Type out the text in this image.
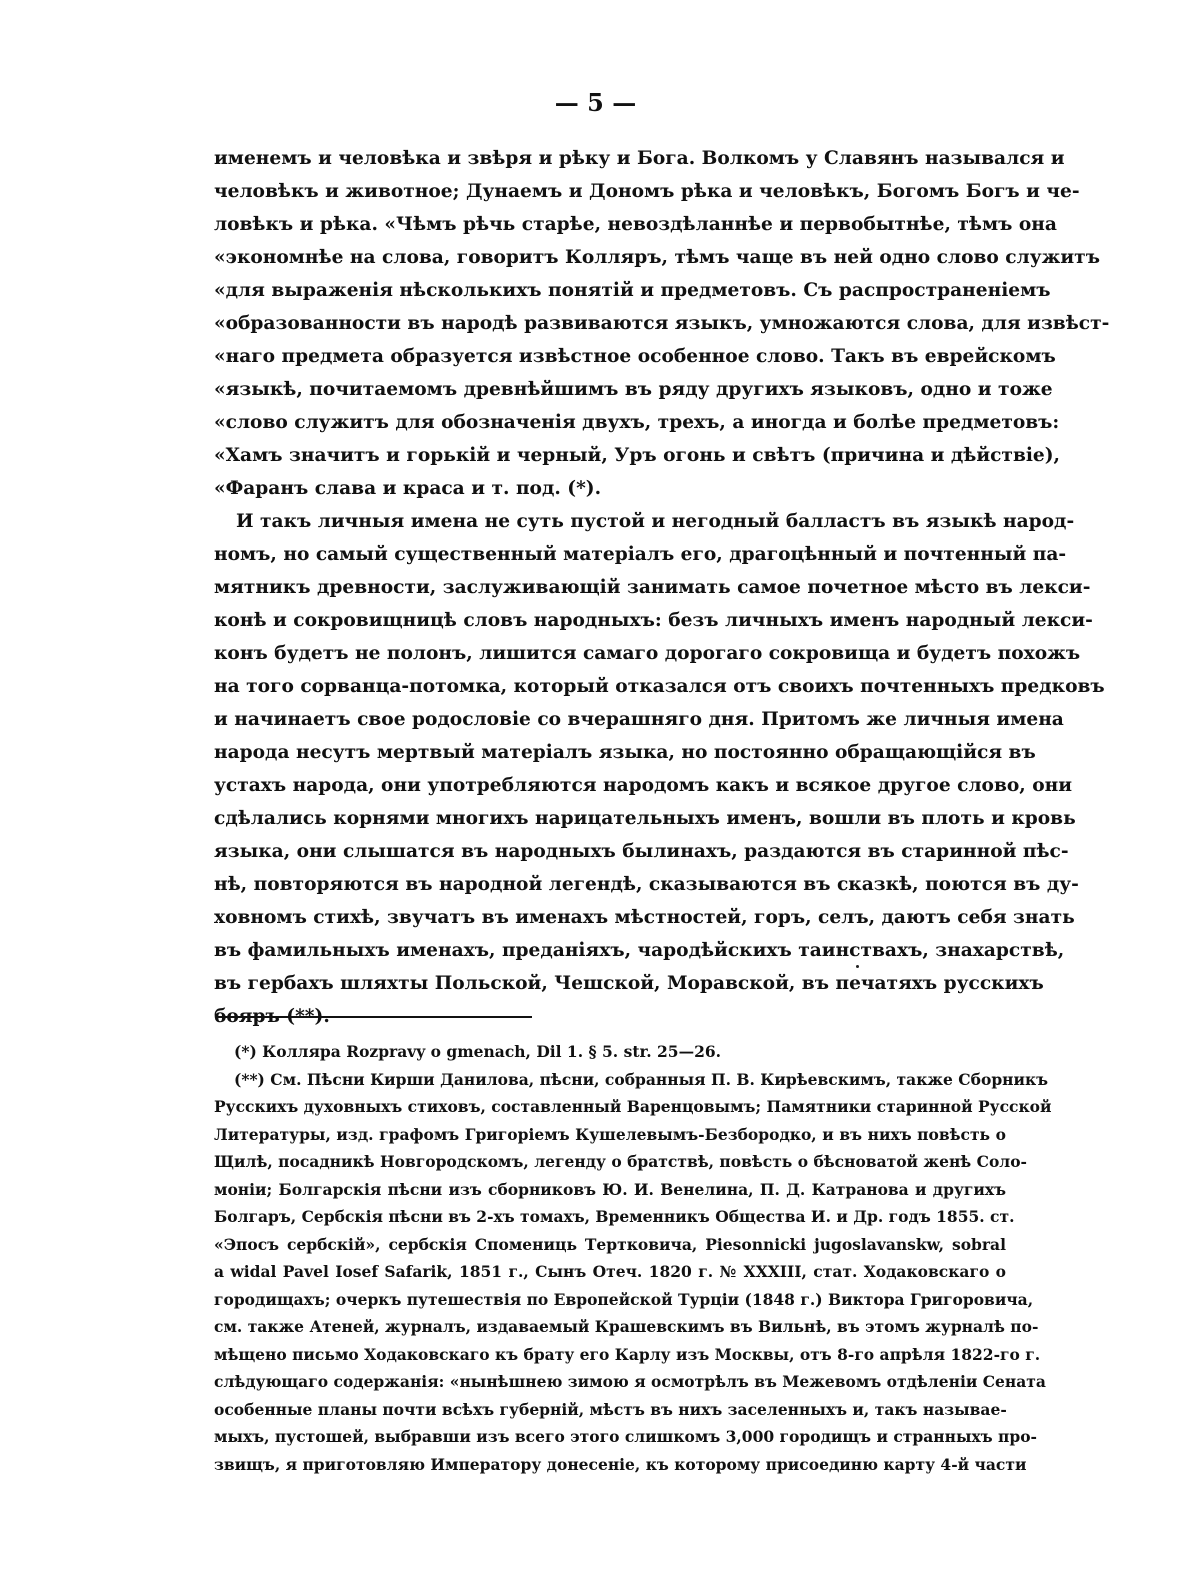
— 5 —
именемъ и человѣка и звѣря и рѣку и Бога. Волкомъ у Славянъ назывался и
человѣкъ и животное; Дунаемъ и Дономъ рѣка и человѣкъ, Богомъ Богъ и че-
ловѣкъ и рѣка. «Чѣмъ рѣчь старѣе, невоздѣланнѣе и первобытнѣе, тѣмъ она
«экономнѣе на слова, говоритъ Колляръ, тѣмъ чаще въ ней одно слово служитъ
«для выраженія нѣсколькихъ понятій и предметовъ. Съ распространеніемъ
«образованности въ народѣ развиваются языкъ, умножаются слова, для извѣст-
«наго предмета образуется извѣстное особенное слово. Такъ въ еврейскомъ
«языкѣ, почитаемомъ древнѣйшимъ въ ряду другихъ языковъ, одно и тоже
«слово служитъ для обозначенія двухъ, трехъ, а иногда и болѣе предметовъ:
«Хамъ значитъ и горькій и черный, Уръ огонь и свѣтъ (причина и дѣйствіе),
«Фаранъ слава и краса и т. под. (*).
И такъ личныя имена не суть пустой и негодный балластъ въ языкѣ народ-
номъ, но самый существенный матеріалъ его, драгоцѣнный и почтенный па-
мятникъ древности, заслуживающій занимать самое почетное мѣсто въ лекси-
конѣ и сокровищницѣ словъ народныхъ: безъ личныхъ именъ народный лекси-
конъ будетъ не полонъ, лишится самаго дорогаго сокровища и будетъ похожъ
на того сорванца-потомка, который отказался отъ своихъ почтенныхъ предковъ
и начинаетъ свое родословіе со вчерашняго дня. Притомъ же личныя имена
народа несутъ мертвый матеріалъ языка, но постоянно обращающійся въ
устахъ народа, они употребляются народомъ какъ и всякое другое слово, они
сдѣлались корнями многихъ нарицательныхъ именъ, вошли въ плоть и кровь
языка, они слышатся въ народныхъ былинахъ, раздаются въ старинной пѣс-
нѣ, повторяются въ народной легендѣ, сказываются въ сказкѣ, поются въ ду-
ховномъ стихѣ, звучатъ въ именахъ мѣстностей, горъ, селъ, даютъ себя знать
въ фамильныхъ именахъ, преданіяхъ, чародѣйскихъ таинствахъ, знахарствѣ,
въ гербахъ шляхты Польской, Чешской, Моравской, въ печатяхъ русскихъ
бояръ (**).
(*) Колляра Rozpravy o gmenach, Dil 1. § 5. str. 25—26.
(**) См. Пѣсни Кирши Данилова, пѣсни, собранныя П. В. Кирѣевскимъ, также Сборникъ
Русскихъ духовныхъ стиховъ, составленный Варенцовымъ; Памятники старинной Русской
Литературы, изд. графомъ Григоріемъ Кушелевымъ-Безбородко, и въ нихъ повѣсть о
Щилѣ, посадникѣ Новгородскомъ, легенду о братствѣ, повѣсть о бѣсноватой женѣ Соло-
моніи; Болгарскія пѣсни изъ сборниковъ Ю. И. Венелина, П. Д. Катранова и другихъ
Болгаръ, Сербскія пѣсни въ 2-хъ томахъ, Временникъ Общества И. и Др. годъ 1855. ст.
«Эпосъ сербскій», сербскія Спомениць Тертковича, Piesonnicki jugoslavanskw, sobral
a widal Pavel Iosef Safarik, 1851 г., Сынъ Отеч. 1820 г. № XXXIII, стат. Ходаковскаго о
городищахъ; очеркъ путешествія по Европейской Турціи (1848 г.) Виктора Григоровича,
см. также Атеней, журналъ, издаваемый Крашевскимъ въ Вильнѣ, въ этомъ журналѣ по-
мѣщено письмо Ходаковскаго къ брату его Карлу изъ Москвы, отъ 8-го апрѣля 1822-го г.
слѣдующаго содержанія: «нынѣшнею зимою я осмотрѣлъ въ Межевомъ отдѣленіи Сената
особенные планы почти всѣхъ губерній, мѣстъ въ нихъ заселенныхъ и, такъ называе-
мыхъ, пустошей, выбравши изъ всего этого слишкомъ 3,000 городищъ и странныхъ про-
звищъ, я приготовляю Императору донесеніе, къ которому присоединю карту 4-й части
